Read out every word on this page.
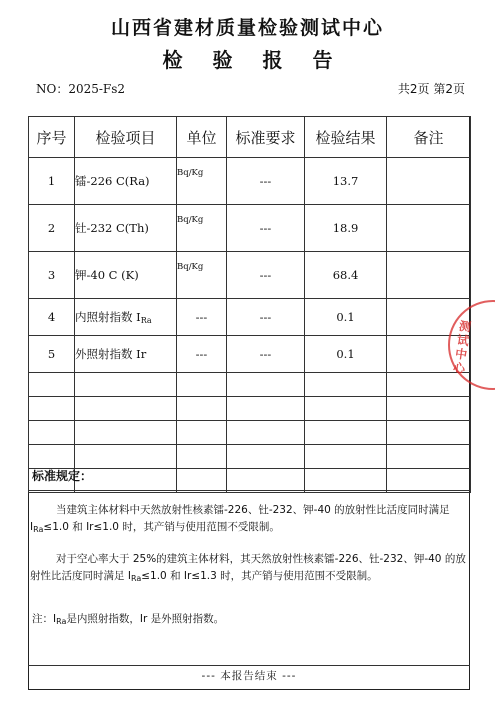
山西省建材质量检验测试中心
检验报告
NO：2025-Fs2	共2页 第2页
序号	检验项目	单位	标准要求	检验结果	备注
1	镭-226 C(Ra)	Bq/Kg	---	13.7	
2	钍-232 C(Th)	Bq/Kg	---	18.9	
3	钾-40 C (K)	Bq/Kg	---	68.4	
4	内照射指数 $I_{Ra}$	---	---	0.1	
5	外照射指数 Ir	---	---	0.1	

标准规定：
当建筑主体材料中天然放射性核素镭-226、钍-232、钾-40 的放射性比活度同时满足 $I_{Ra}\le 1.0$ 和 Ir≤1.0 时，其产销与使用范围不受限制。
对于空心率大于 25%的建筑主体材料，其天然放射性核素镭-226、钍-232、钾-40 的放射性比活度同时满足 $I_{Ra}\le 1.0$ 和 Ir≤1.3 时，其产销与使用范围不受限制。
注：$I_{Ra}$是内照射指数，Ir 是外照射指数。
--- 本报告结束 ---
测试中心
